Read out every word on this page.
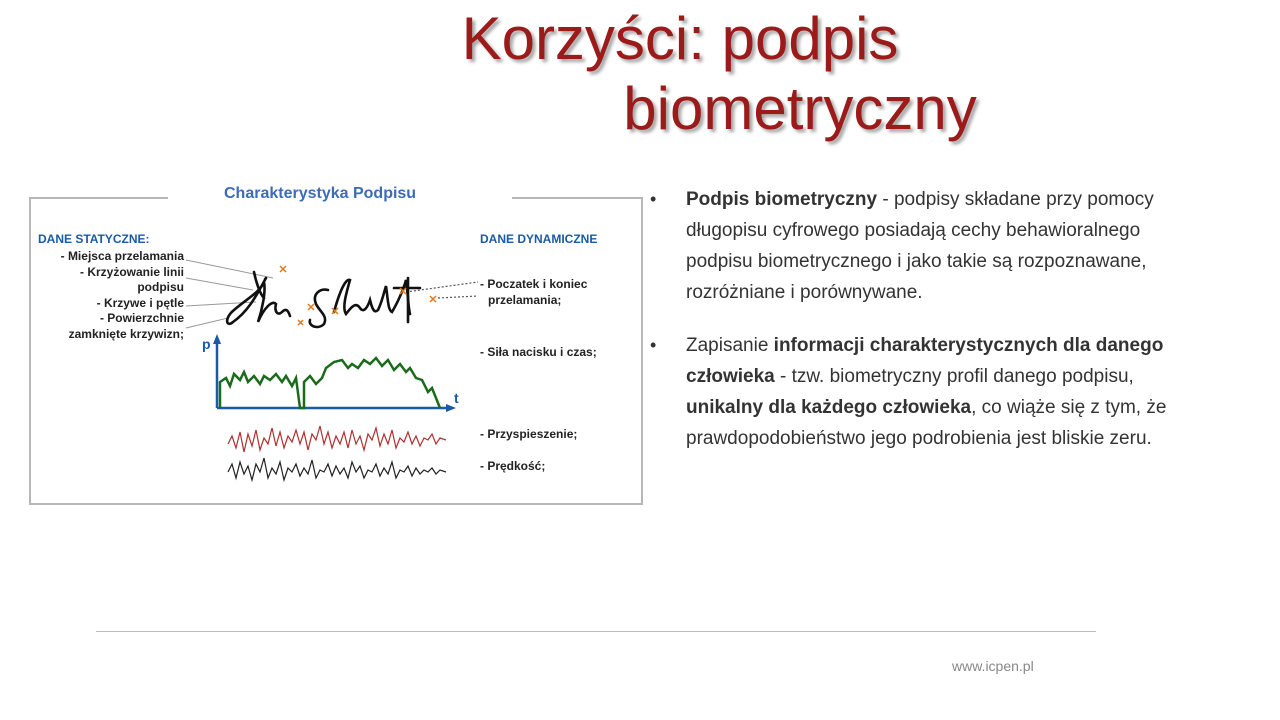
Korzyści: podpis
biometryczny
Charakterystyka Podpisu
DANE STATYCZNE:
- Miejsca przelamania
- Krzyżowanie linii
podpisu
- Krzywe i pętle
- Powierzchnie
zamknięte krzywizn;
DANE DYNAMICZNE
- Poczatek i koniec
przelamania;
- Siła nacisku i czas;
- Przyspieszenie;
- Prędkość;
p
t
• Podpis biometryczny - podpisy składane przy pomocy długopisu cyfrowego posiadają cechy behawioralnego podpisu biometrycznego i jako takie są rozpoznawane, rozróżniane i porównywane.
• Zapisanie informacji charakterystycznych dla danego człowieka - tzw. biometryczny profil danego podpisu, unikalny dla każdego człowieka, co wiąże się z tym, że prawdopodobieństwo jego podrobienia jest bliskie zeru.
www.icpen.pl
